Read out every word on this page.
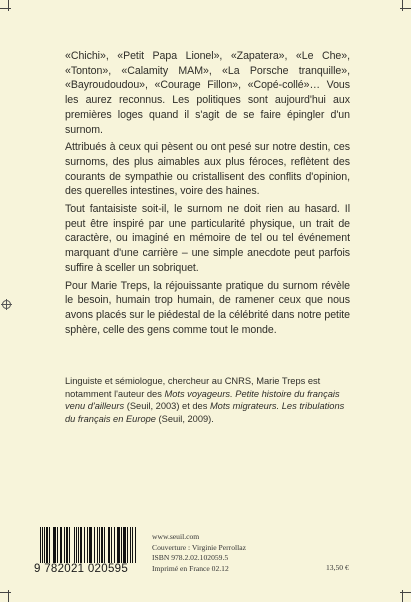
«Chichi», «Petit Papa Lionel», «Zapatera», «Le Che», «Tonton», «Calamity MAM», «La Porsche tranquille», «Bayroudoudou», «Courage Fillon», «Copé-collé»… Vous les aurez reconnus. Les politiques sont aujourd'hui aux premières loges quand il s'agit de se faire épingler d'un surnom.

Attribués à ceux qui pèsent ou ont pesé sur notre destin, ces surnoms, des plus aimables aux plus féroces, reflètent des courants de sympathie ou cristallisent des conflits d'opinion, des querelles intestines, voire des haines.

Tout fantaisiste soit-il, le surnom ne doit rien au hasard. Il peut être inspiré par une particularité physique, un trait de caractère, ou imaginé en mémoire de tel ou tel événement marquant d'une carrière – une simple anecdote peut parfois suffire à sceller un sobriquet.

Pour Marie Treps, la réjouissante pratique du surnom révèle le besoin, humain trop humain, de ramener ceux que nous avons placés sur le piédestal de la célébrité dans notre petite sphère, celle des gens comme tout le monde.

Linguiste et sémiologue, chercheur au CNRS, Marie Treps est notamment l'auteur des Mots voyageurs. Petite histoire du français venu d'ailleurs (Seuil, 2003) et des Mots migrateurs. Les tribulations du français en Europe (Seuil, 2009).

9 782021 020595
www.seuil.com
Couverture : Virginie Perrollaz
ISBN 978.2.02.102059.5
Imprimé en France 02.12	13,50 €
